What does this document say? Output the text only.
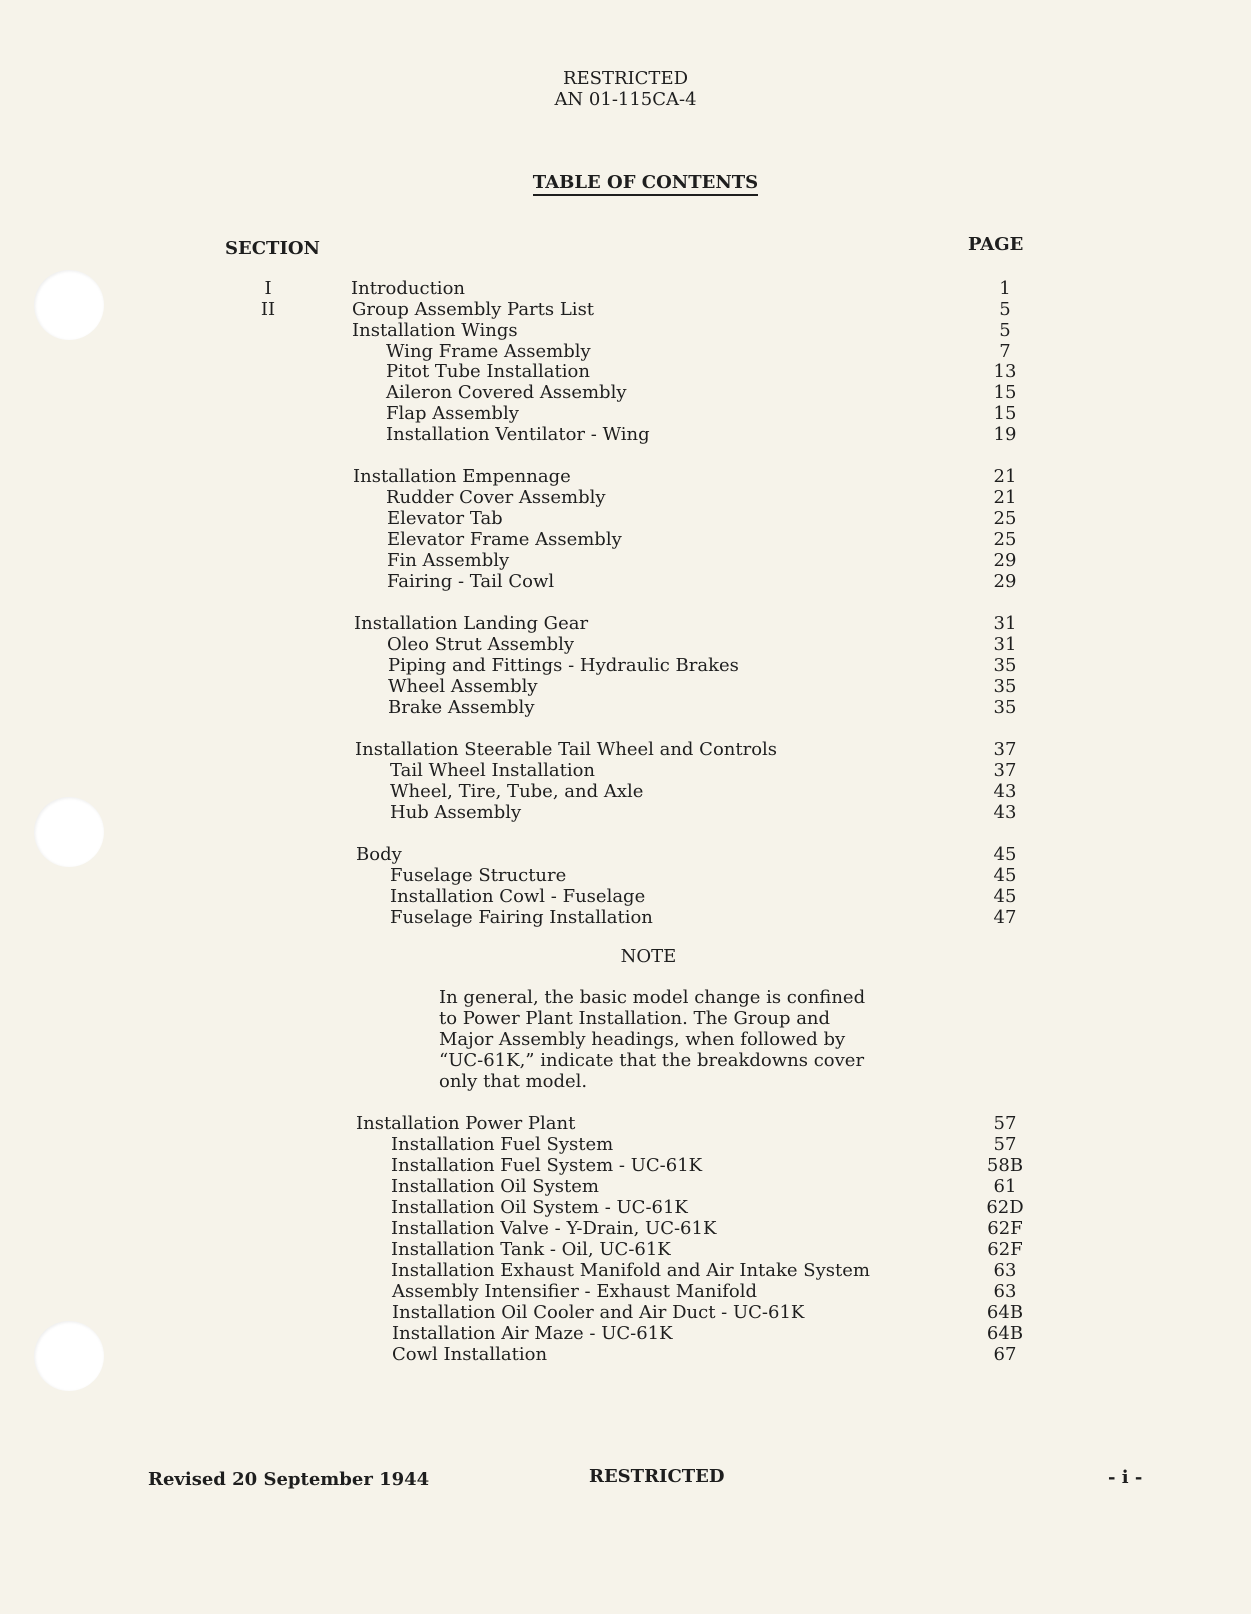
RESTRICTED
AN 01-115CA-4
TABLE OF CONTENTS
SECTION	PAGE
I	Introduction	1
II	Group Assembly Parts List	5
Installation Wings	5
Wing Frame Assembly	7
Pitot Tube Installation	13
Aileron Covered Assembly	15
Flap Assembly	15
Installation Ventilator - Wing	19
Installation Empennage	21
Rudder Cover Assembly	21
Elevator Tab	25
Elevator Frame Assembly	25
Fin Assembly	29
Fairing - Tail Cowl	29
Installation Landing Gear	31
Oleo Strut Assembly	31
Piping and Fittings - Hydraulic Brakes	35
Wheel Assembly	35
Brake Assembly	35
Installation Steerable Tail Wheel and Controls	37
Tail Wheel Installation	37
Wheel, Tire, Tube, and Axle	43
Hub Assembly	43
Body	45
Fuselage Structure	45
Installation Cowl - Fuselage	45
Fuselage Fairing Installation	47
Installation Power Plant	57
Installation Fuel System	57
Installation Fuel System - UC-61K	58B
Installation Oil System	61
Installation Oil System - UC-61K	62D
Installation Valve - Y-Drain, UC-61K	62F
Installation Tank - Oil, UC-61K	62F
Installation Exhaust Manifold and Air Intake System	63
Assembly Intensifier - Exhaust Manifold	63
Installation Oil Cooler and Air Duct - UC-61K	64B
Installation Air Maze - UC-61K	64B
Cowl Installation	67
NOTE
In general, the basic model change is confined to Power Plant Installation. The Group and Major Assembly headings, when followed by “UC-61K,” indicate that the breakdowns cover only that model.
Revised 20 September 1944	RESTRICTED	- i -
